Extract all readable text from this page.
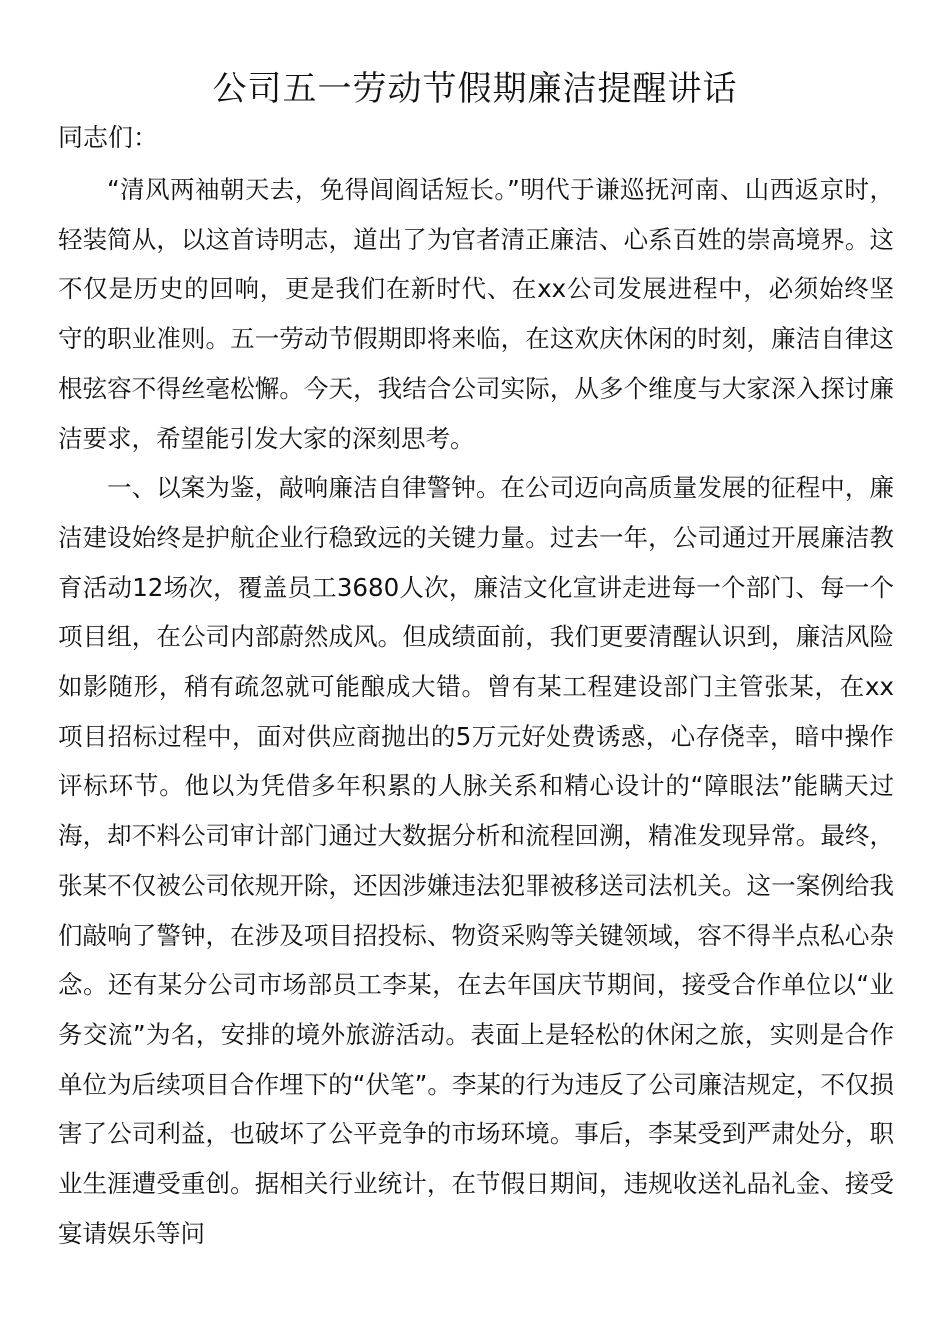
公司五一劳动节假期廉洁提醒讲话
同志们：

“清风两袖朝天去，免得闾阎话短长。”明代于谦巡抚河南、山西返京时，轻装简从，以这首诗明志，道出了为官者清正廉洁、心系百姓的崇高境界。这不仅是历史的回响，更是我们在新时代、在xx公司发展进程中，必须始终坚守的职业准则。五一劳动节假期即将来临，在这欢庆休闲的时刻，廉洁自律这根弦容不得丝毫松懈。今天，我结合公司实际，从多个维度与大家深入探讨廉洁要求，希望能引发大家的深刻思考。

一、以案为鉴，敲响廉洁自律警钟。在公司迈向高质量发展的征程中，廉洁建设始终是护航企业行稳致远的关键力量。过去一年，公司通过开展廉洁教育活动12场次，覆盖员工3680人次，廉洁文化宣讲走进每一个部门、每一个项目组，在公司内部蔚然成风。但成绩面前，我们更要清醒认识到，廉洁风险如影随形，稍有疏忽就可能酿成大错。曾有某工程建设部门主管张某，在xx项目招标过程中，面对供应商抛出的5万元好处费诱惑，心存侥幸，暗中操作评标环节。他以为凭借多年积累的人脉关系和精心设计的“障眼法”能瞒天过海，却不料公司审计部门通过大数据分析和流程回溯，精准发现异常。最终，张某不仅被公司依规开除，还因涉嫌违法犯罪被移送司法机关。这一案例给我们敲响了警钟，在涉及项目招投标、物资采购等关键领域，容不得半点私心杂念。还有某分公司市场部员工李某，在去年国庆节期间，接受合作单位以“业务交流”为名，安排的境外旅游活动。表面上是轻松的休闲之旅，实则是合作单位为后续项目合作埋下的“伏笔”。李某的行为违反了公司廉洁规定，不仅损害了公司利益，也破坏了公平竞争的市场环境。事后，李某受到严肃处分，职业生涯遭受重创。据相关行业统计，在节假日期间，违规收送礼品礼金、接受宴请娱乐等问
